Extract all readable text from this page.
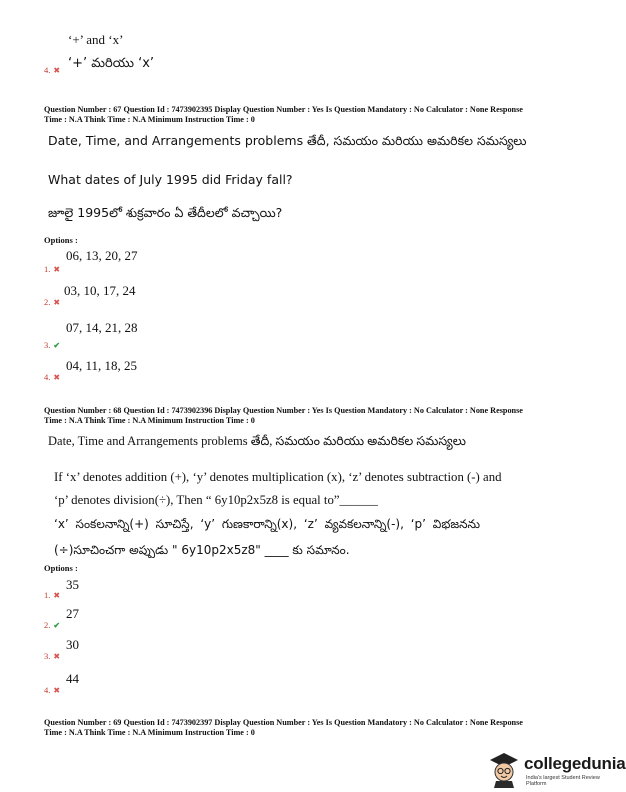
‘+’ and ‘x’
4. ✖ ‘+’ మరియు ‘x’
Question Number : 67 Question Id : 7473902395 Display Question Number : Yes Is Question Mandatory : No Calculator : None Response
Time : N.A Think Time : N.A Minimum Instruction Time : 0
Date, Time, and Arrangements problems తేదీ, సమయం మరియు అమరికల సమస్యలు
What dates of July 1995 did Friday fall?
జూలై 1995లో శుక్రవారం ఏ తేదీలలో వచ్చాయి?
Options :
1. ✖
06, 13, 20, 27
2. ✖
03, 10, 17, 24
3. ✔
07, 14, 21, 28
4. ✖
04, 11, 18, 25
Question Number : 68 Question Id : 7473902396 Display Question Number : Yes Is Question Mandatory : No Calculator : None Response
Time : N.A Think Time : N.A Minimum Instruction Time : 0
Date, Time and Arrangements problems తేదీ, సమయం మరియు అమరికల సమస్యలు
If ‘x’ denotes addition (+), ‘y’ denotes multiplication (x), ‘z’ denotes subtraction (-) and
‘p’ denotes division(÷), Then “ 6y10p2x5z8 is equal to”______
‘x’ సంకలనాన్ని(+) సూచిస్తే, ‘y’ గుణకారాన్ని(x), ‘z’ వ్యవకలనాన్ని(-), ‘p’ విభజనను
(÷)సూచించగా అప్పుడు " 6y10p2x5z8" ____ కు సమానం.
Options :
1. ✖
35
2. ✔
27
3. ✖
30
4. ✖
44
Question Number : 69 Question Id : 7473902397 Display Question Number : Yes Is Question Mandatory : No Calculator : None Response
Time : N.A Think Time : N.A Minimum Instruction Time : 0
collegedunia
India's largest Student Review Platform
